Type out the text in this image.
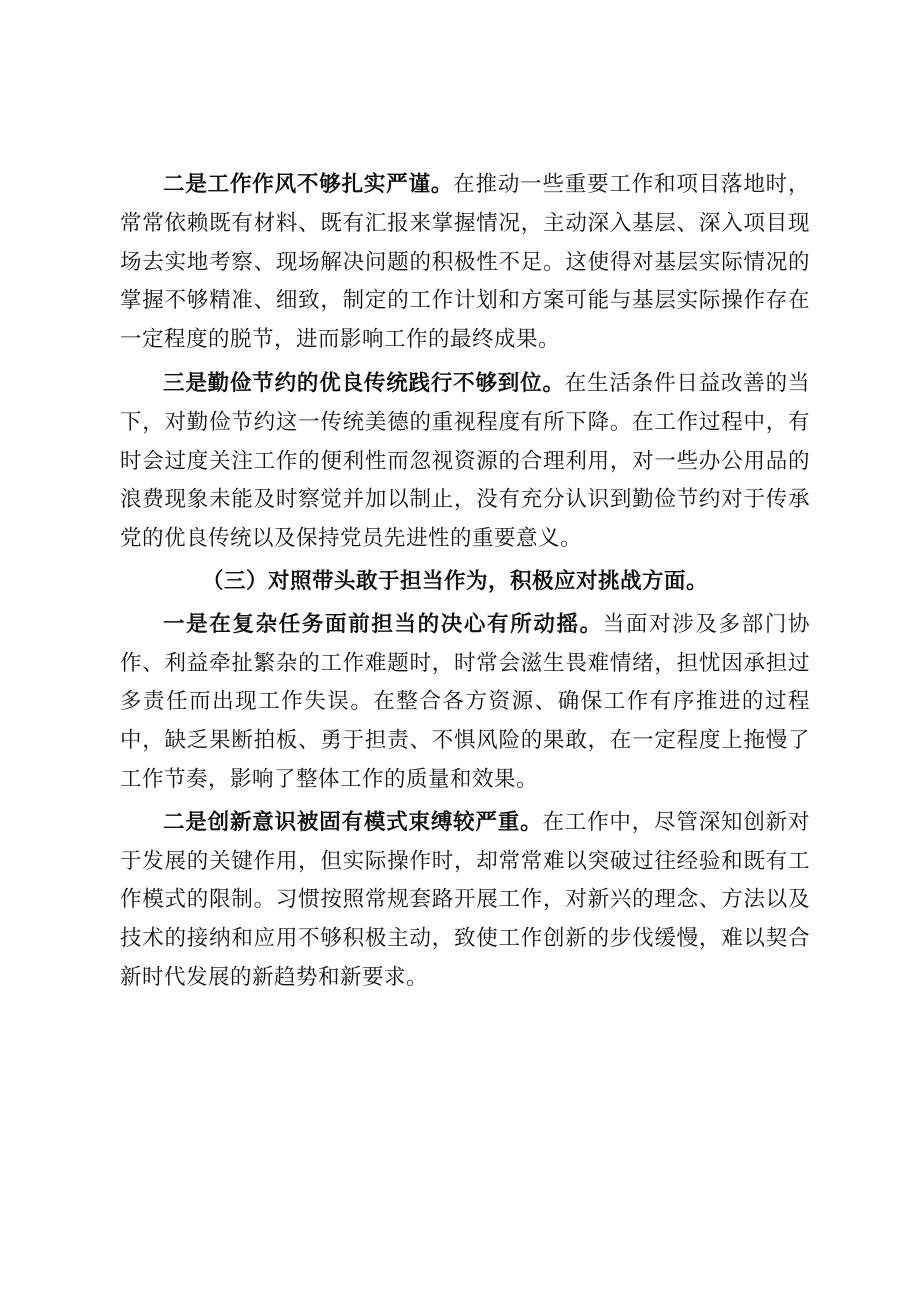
二是工作作风不够扎实严谨。在推动一些重要工作和项目落地时，常常依赖既有材料、既有汇报来掌握情况，主动深入基层、深入项目现场去实地考察、现场解决问题的积极性不足。这使得对基层实际情况的掌握不够精准、细致，制定的工作计划和方案可能与基层实际操作存在一定程度的脱节，进而影响工作的最终成果。

三是勤俭节约的优良传统践行不够到位。在生活条件日益改善的当下，对勤俭节约这一传统美德的重视程度有所下降。在工作过程中，有时会过度关注工作的便利性而忽视资源的合理利用，对一些办公用品的浪费现象未能及时察觉并加以制止，没有充分认识到勤俭节约对于传承党的优良传统以及保持党员先进性的重要意义。

（三）对照带头敢于担当作为，积极应对挑战方面。

一是在复杂任务面前担当的决心有所动摇。当面对涉及多部门协作、利益牵扯繁杂的工作难题时，时常会滋生畏难情绪，担忧因承担过多责任而出现工作失误。在整合各方资源、确保工作有序推进的过程中，缺乏果断拍板、勇于担责、不惧风险的果敢，在一定程度上拖慢了工作节奏，影响了整体工作的质量和效果。

二是创新意识被固有模式束缚较严重。在工作中，尽管深知创新对于发展的关键作用，但实际操作时，却常常难以突破过往经验和既有工作模式的限制。习惯按照常规套路开展工作，对新兴的理念、方法以及技术的接纳和应用不够积极主动，致使工作创新的步伐缓慢，难以契合新时代发展的新趋势和新要求。
